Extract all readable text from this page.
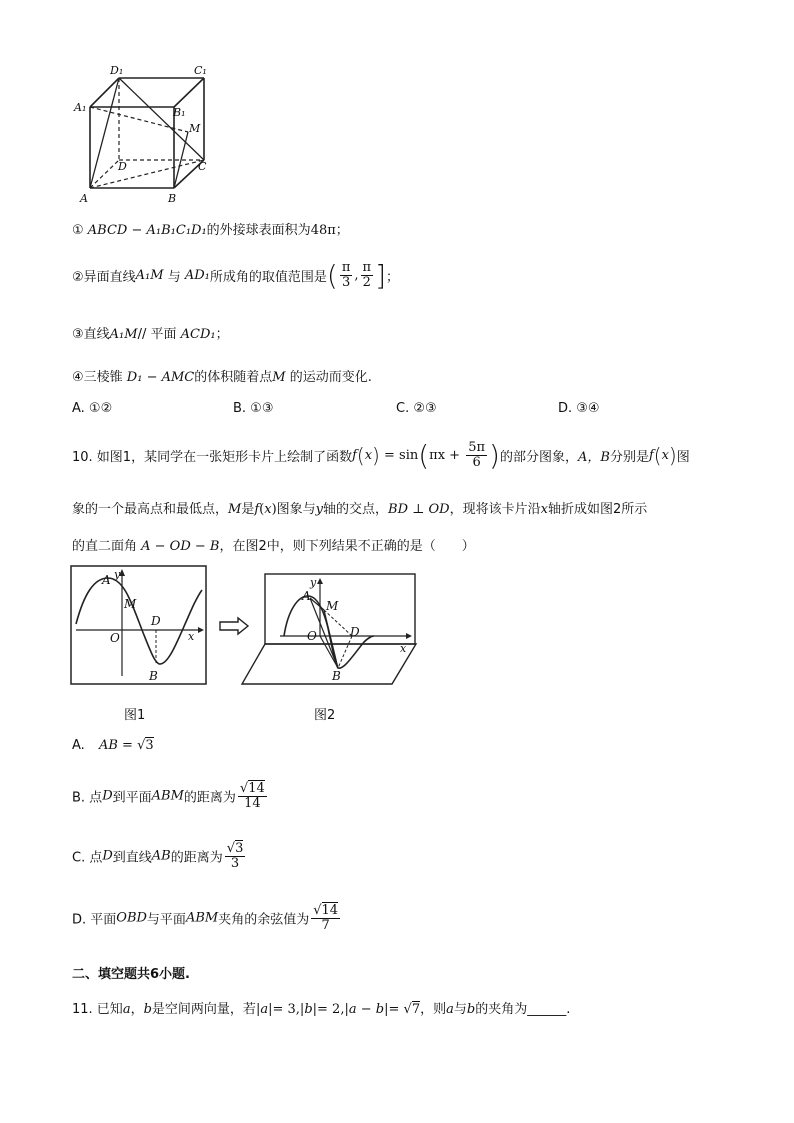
D₁	C₁
A₁	B₁
M
D	C
A	B
① ABCD − A₁B₁C₁D₁的外接球表面积为48π；
②异面直线A₁M 与 AD₁所成角的取值范围是( $\frac{\pi}{3}$ , $\frac{\pi}{2}$ ]；
③直线A₁M// 平面 ACD₁；
④三棱锥 D₁ − AMC的体积随着点M 的运动而变化.
A. ①②	B. ①③	C. ②③	D. ③④
10. 如图1，某同学在一张矩形卡片上绘制了函数$f(x) = \sin(\pi x + \frac{5\pi}{6}$ )的部分图象，A，B分别是f(x)图
象的一个最高点和最低点，M是f(x)图象与y轴的交点，BD ⊥ OD，现将该卡片沿x轴折成如图2所示
的直二面角 A − OD − B，在图2中，则下列结果不正确的是（　　）
A y
M
O
D
x
B
y
A
M
O	D
x
B
图1	图2
A. AB = √3
B. 点D到平面ABM的距离为 $\frac{√14}{14}$
C. 点D到直线AB的距离为 $\frac{√3}{3}$
D. 平面OBD与平面ABM夹角的余弦值为 $\frac{√14}{7}$
二、填空题共6小题.
11. 已知a，b是空间两向量，若|a|= 3,|b|= 2,|a − b|= √7，则a与b的夹角为______.
